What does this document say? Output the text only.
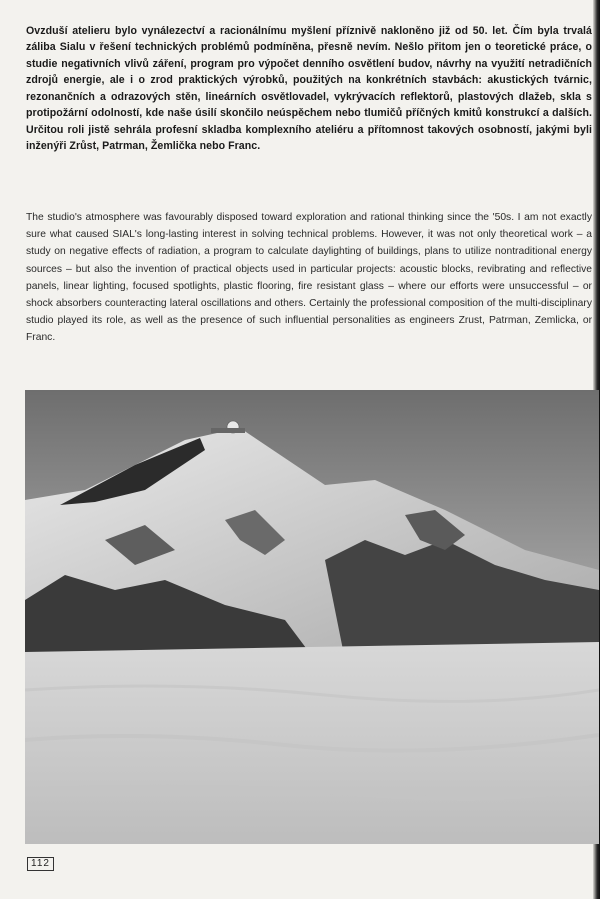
Ovzduší atelieru bylo vynálezectví a racionálnímu myšlení příznivě nakloněno již od 50. let. Čím byla trvalá záliba Sialu v řešení technických problémů podmíněna, přesně nevím. Nešlo přitom jen o teoretické práce, o studie negativních vlivů záření, program pro výpočet denního osvětlení budov, návrhy na využití netradičních zdrojů energie, ale i o zrod praktických výrobků, použitých na konkrétních stavbách: akustických tvárnic, rezonančních a odrazových stěn, lineárních osvětlovadel, vykrývacích reflektorů, plastových dlažeb, skla s protipožární odolností, kde naše úsilí skončilo neúspěchem nebo tlumičů příčných kmitů konstrukcí a dalších. Určitou roli jistě sehrála profesní skladba komplexního ateliéru a přítomnost takových osobností, jakými byli inženýři Zrůst, Patrman, Žemlička nebo Franc.

The studio's atmosphere was favourably disposed toward exploration and rational thinking since the '50s. I am not exactly sure what caused SIAL's long-lasting interest in solving technical problems. However, it was not only theoretical work – a study on negative effects of radiation, a program to calculate daylighting of buildings, plans to utilize nontraditional energy sources – but also the invention of practical objects used in particular projects: acoustic blocks, revibrating and reflective panels, linear lighting, focused spotlights, plastic flooring, fire resistant glass – where our efforts were unsuccessful – or shock absorbers counteracting lateral oscillations and others. Certainly the professional composition of the multi-disciplinary studio played its role, as well as the presence of such influential personalities as engineers Zrust, Patrman, Zemlicka, or Franc.

112
